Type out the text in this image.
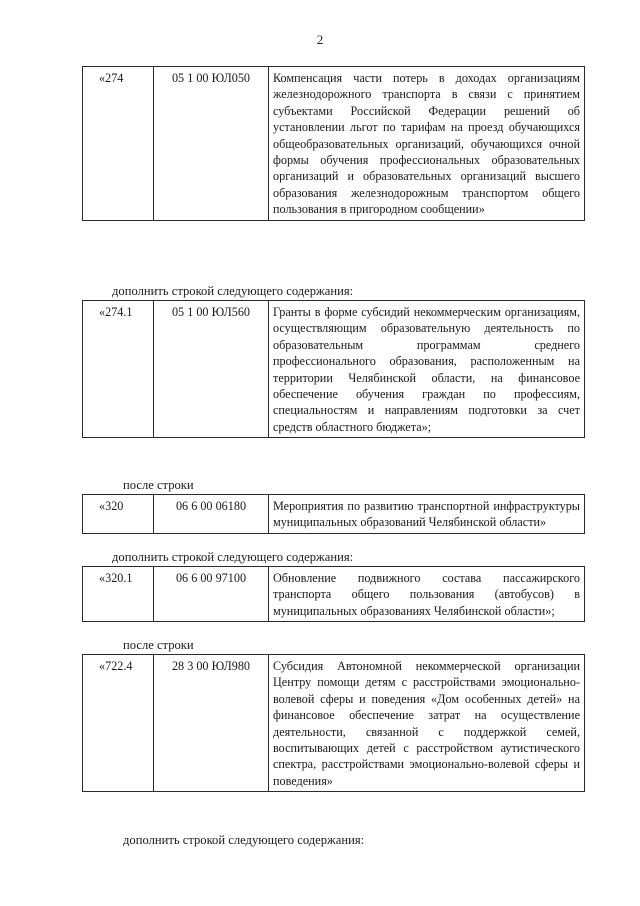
2
«274	05 1 00 ЮЛ050	Компенсация части потерь в доходах организациям железнодорожного транспорта в связи с принятием субъектами Российской Федерации решений об установлении льгот по тарифам на проезд обучающихся общеобразовательных организаций, обучающихся очной формы обучения профессиональных образовательных организаций и образовательных организаций высшего образования железнодорожным транспортом общего пользования в пригородном сообщении»
дополнить строкой следующего содержания:
«274.1	05 1 00 ЮЛ560	Гранты в форме субсидий некоммерческим организациям, осуществляющим образовательную деятельность по образовательным программам среднего профессионального образования, расположенным на территории Челябинской области, на финансовое обеспечение обучения граждан по профессиям, специальностям и направлениям подготовки за счет средств областного бюджета»;
после строки
«320	06 6 00 06180	Мероприятия по развитию транспортной инфраструктуры муниципальных образований Челябинской области»
дополнить строкой следующего содержания:
«320.1	06 6 00 97100	Обновление подвижного состава пассажирского транспорта общего пользования (автобусов) в муниципальных образованиях Челябинской области»;
после строки
«722.4	28 3 00 ЮЛ980	Субсидия Автономной некоммерческой организации Центру помощи детям с расстройствами эмоционально-волевой сферы и поведения «Дом особенных детей» на финансовое обеспечение затрат на осуществление деятельности, связанной с поддержкой семей, воспитывающих детей с расстройством аутистического спектра, расстройствами эмоционально-волевой сферы и поведения»
дополнить строкой следующего содержания:
